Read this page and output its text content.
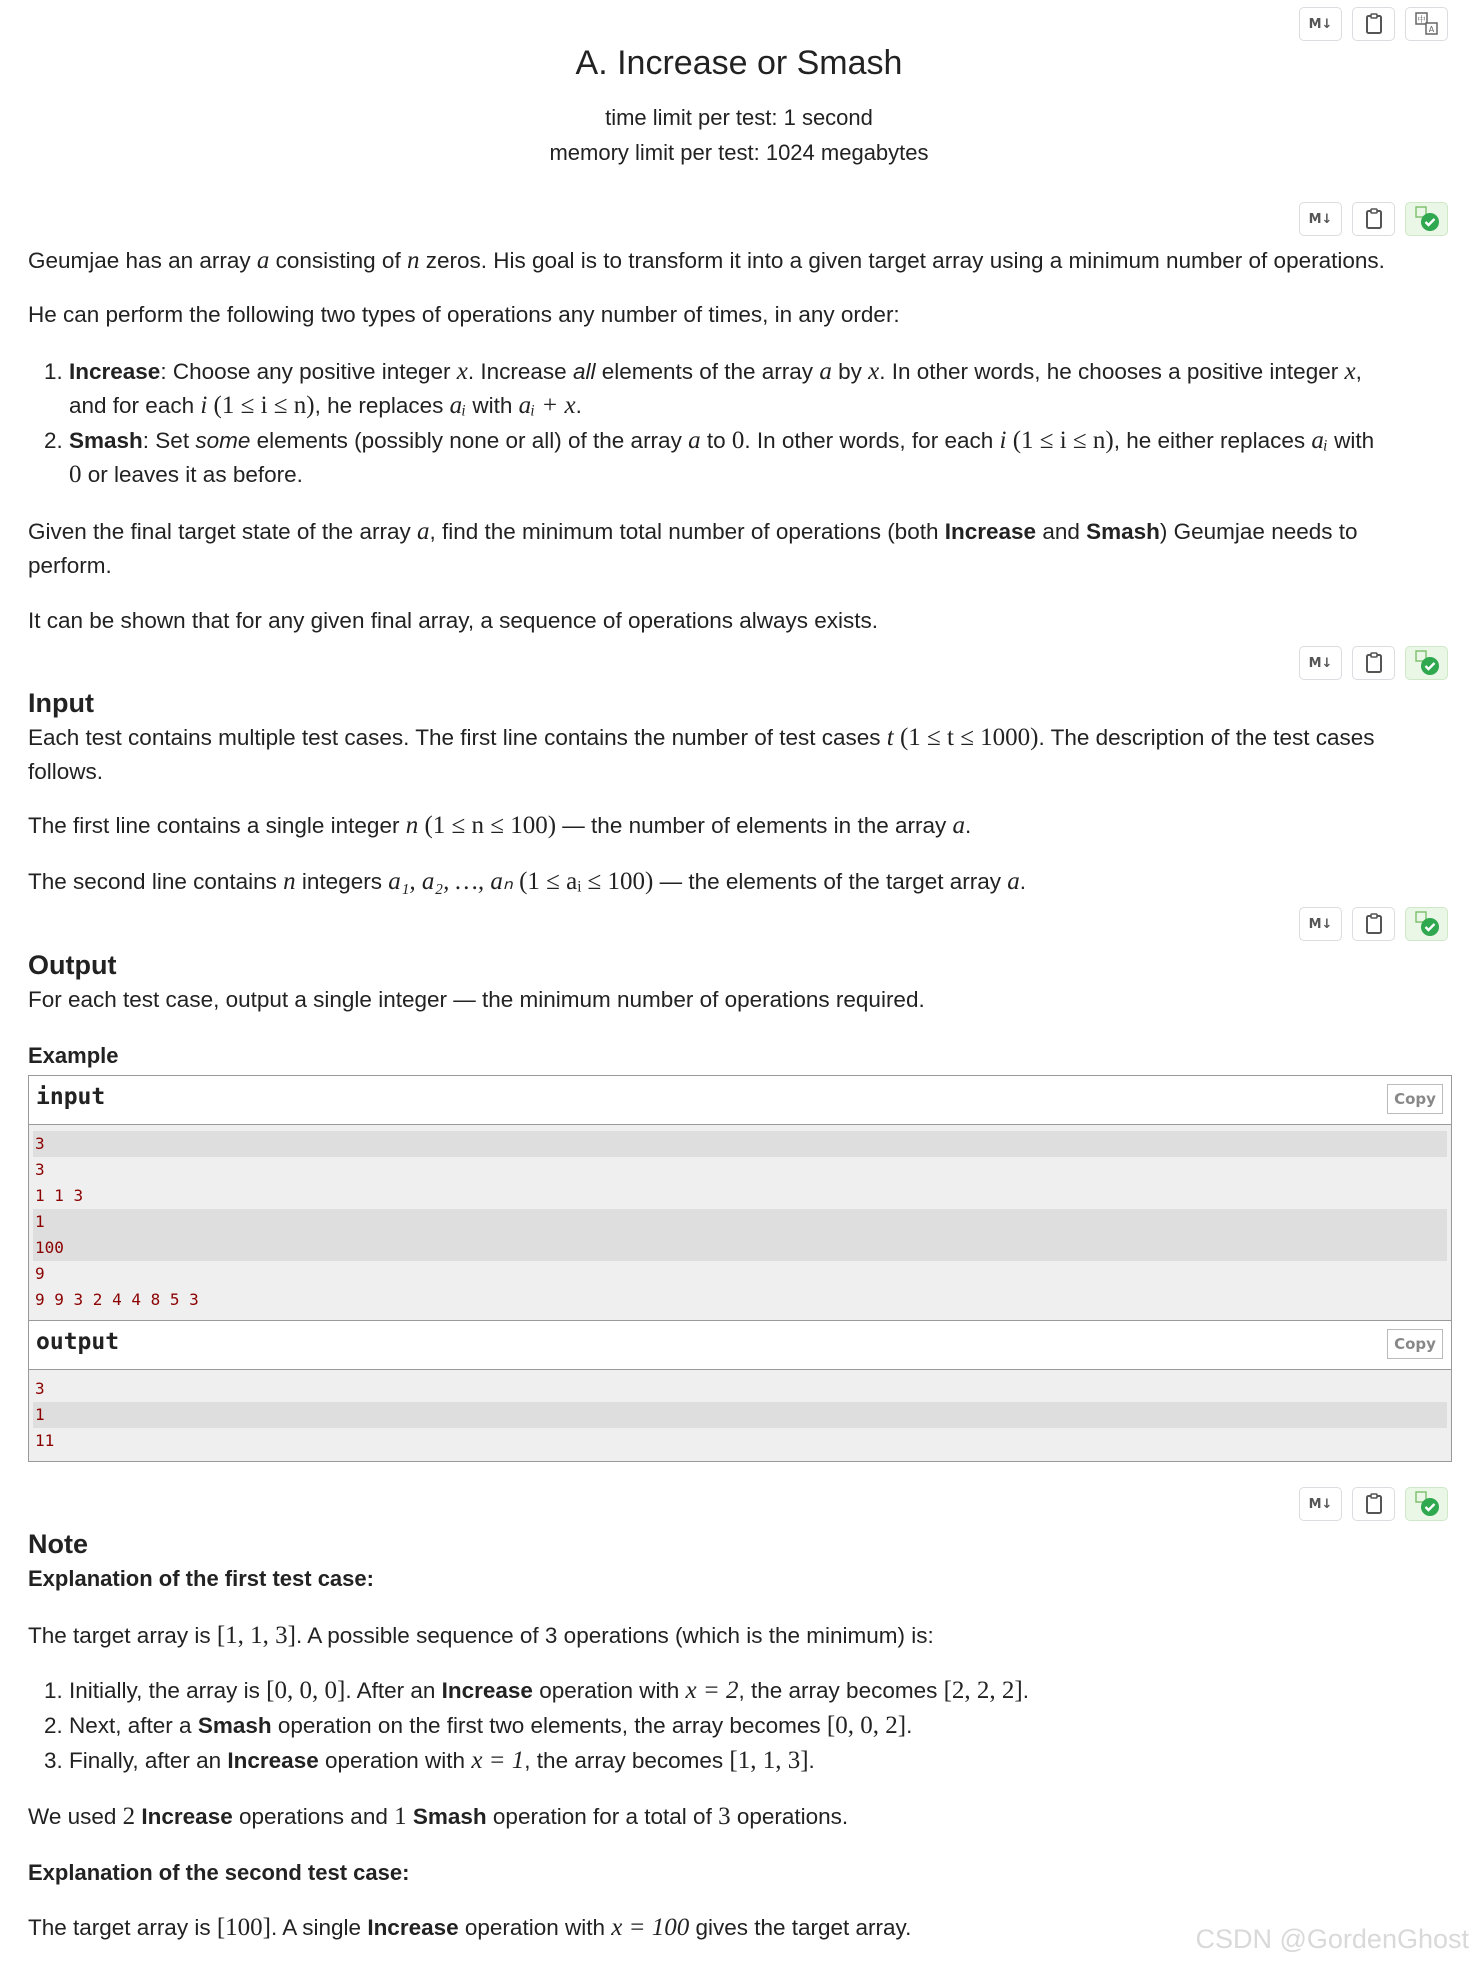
M↓	中
A
A. Increase or Smash
time limit per test: 1 second
memory limit per test: 1024 megabytes
M↓
Geumjae has an array a consisting of n zeros. His goal is to transform it into a given target array using a minimum number of operations.
He can perform the following two types of operations any number of times, in any order:
1. Increase: Choose any positive integer x. Increase all elements of the array a by x. In other words, he chooses a positive integer x,
and for each i (1 ≤ i ≤ n), he replaces aᵢ with aᵢ + x.
2. Smash: Set some elements (possibly none or all) of the array a to 0. In other words, for each i (1 ≤ i ≤ n), he either replaces aᵢ with
0 or leaves it as before.
Given the final target state of the array a, find the minimum total number of operations (both Increase and Smash) Geumjae needs to
perform.
It can be shown that for any given final array, a sequence of operations always exists.
M↓
Input
Each test contains multiple test cases. The first line contains the number of test cases t (1 ≤ t ≤ 1000). The description of the test cases
follows.
The first line contains a single integer n (1 ≤ n ≤ 100) — the number of elements in the array a.
The second line contains n integers a₁, a₂, …, aₙ (1 ≤ aᵢ ≤ 100) — the elements of the target array a.
M↓
Output
For each test case, output a single integer — the minimum number of operations required.
Example
input	Copy
3
3
1 1 3
1
100
9
9 9 3 2 4 4 8 5 3
output	Copy
3
1
11
M↓
Note
Explanation of the first test case:
The target array is [1, 1, 3]. A possible sequence of 3 operations (which is the minimum) is:
1. Initially, the array is [0, 0, 0]. After an Increase operation with x = 2, the array becomes [2, 2, 2].
2. Next, after a Smash operation on the first two elements, the array becomes [0, 0, 2].
3. Finally, after an Increase operation with x = 1, the array becomes [1, 1, 3].
We used 2 Increase operations and 1 Smash operation for a total of 3 operations.
Explanation of the second test case:
The target array is [100]. A single Increase operation with x = 100 gives the target array.	CSDN @GordenGhost
